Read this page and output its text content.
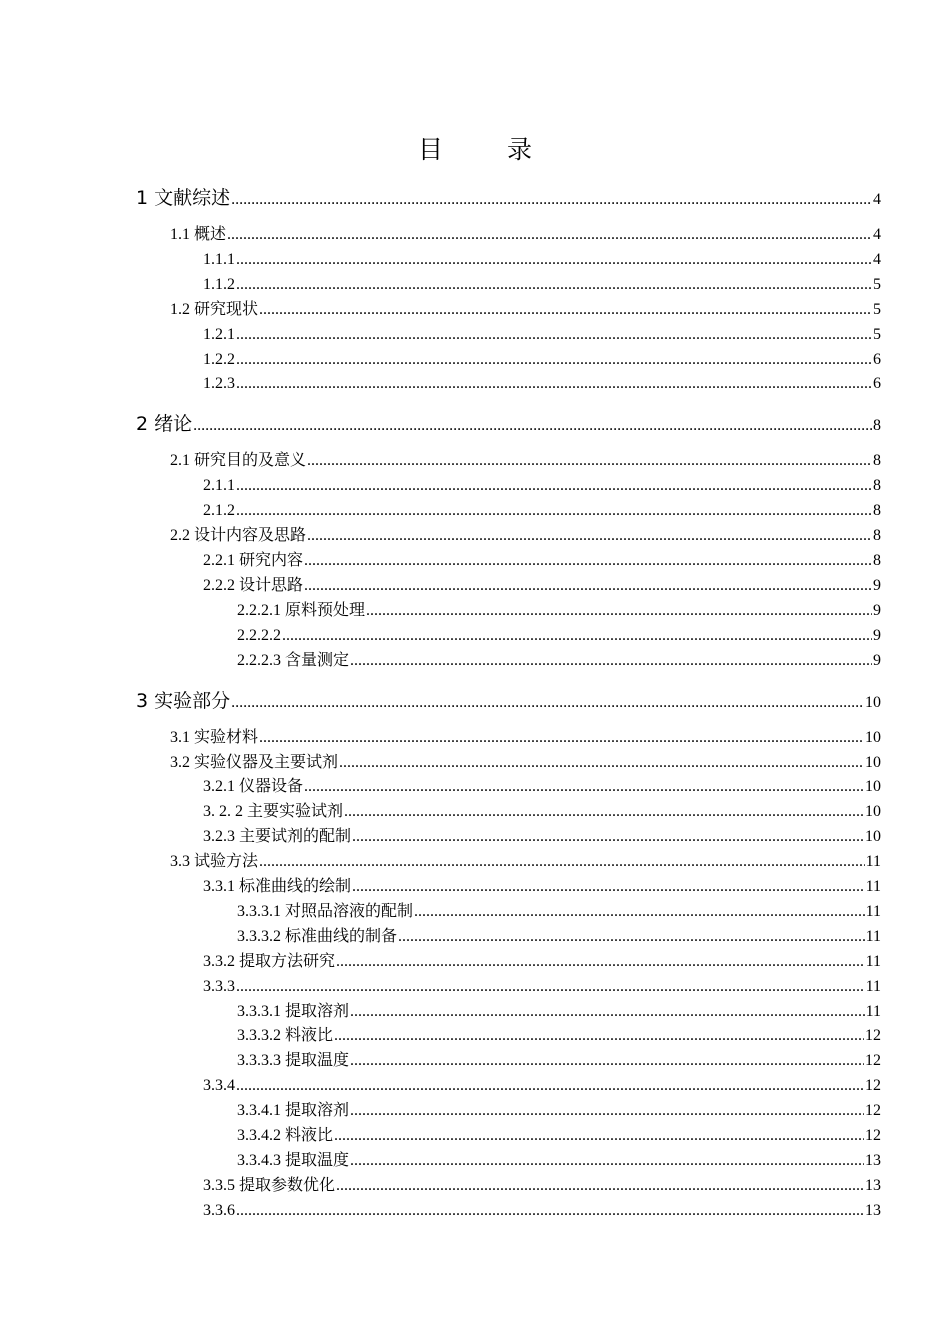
目 录
1 文献综述 .....	4
1.1 概述 .....	4
1.1.1 .....	4
1.1.2 .....	5
1.2 研究现状 .....	5
1.2.1 .....	5
1.2.2 .....	6
1.2.3 .....	6
2 绪论 .....	8
2.1 研究目的及意义 .....	8
2.1.1 .....	8
2.1.2 .....	8
2.2 设计内容及思路 .....	8
2.2.1 研究内容 .....	8
2.2.2 设计思路 .....	9
2.2.2.1 原料预处理 .....	9
2.2.2.2 .....	9
2.2.2.3 含量测定 .....	9
3 实验部分 .....	10
3.1 实验材料 .....	10
3.2 实验仪器及主要试剂 .....	10
3.2.1 仪器设备 .....	10
3. 2. 2 主要实验试剂 .....	10
3.2.3 主要试剂的配制 .....	10
3.3 试验方法 .....	11
3.3.1 标准曲线的绘制 .....	11
3.3.3.1 对照品溶液的配制 .....	11
3.3.3.2 标准曲线的制备 .....	11
3.3.2 提取方法研究 .....	11
3.3.3 .....	11
3.3.3.1 提取溶剂 .....	11
3.3.3.2 料液比 .....	12
3.3.3.3 提取温度 .....	12
3.3.4 .....	12
3.3.4.1 提取溶剂 .....	12
3.3.4.2 料液比 .....	12
3.3.4.3 提取温度 .....	13
3.3.5 提取参数优化 .....	13
3.3.6 .....	13
